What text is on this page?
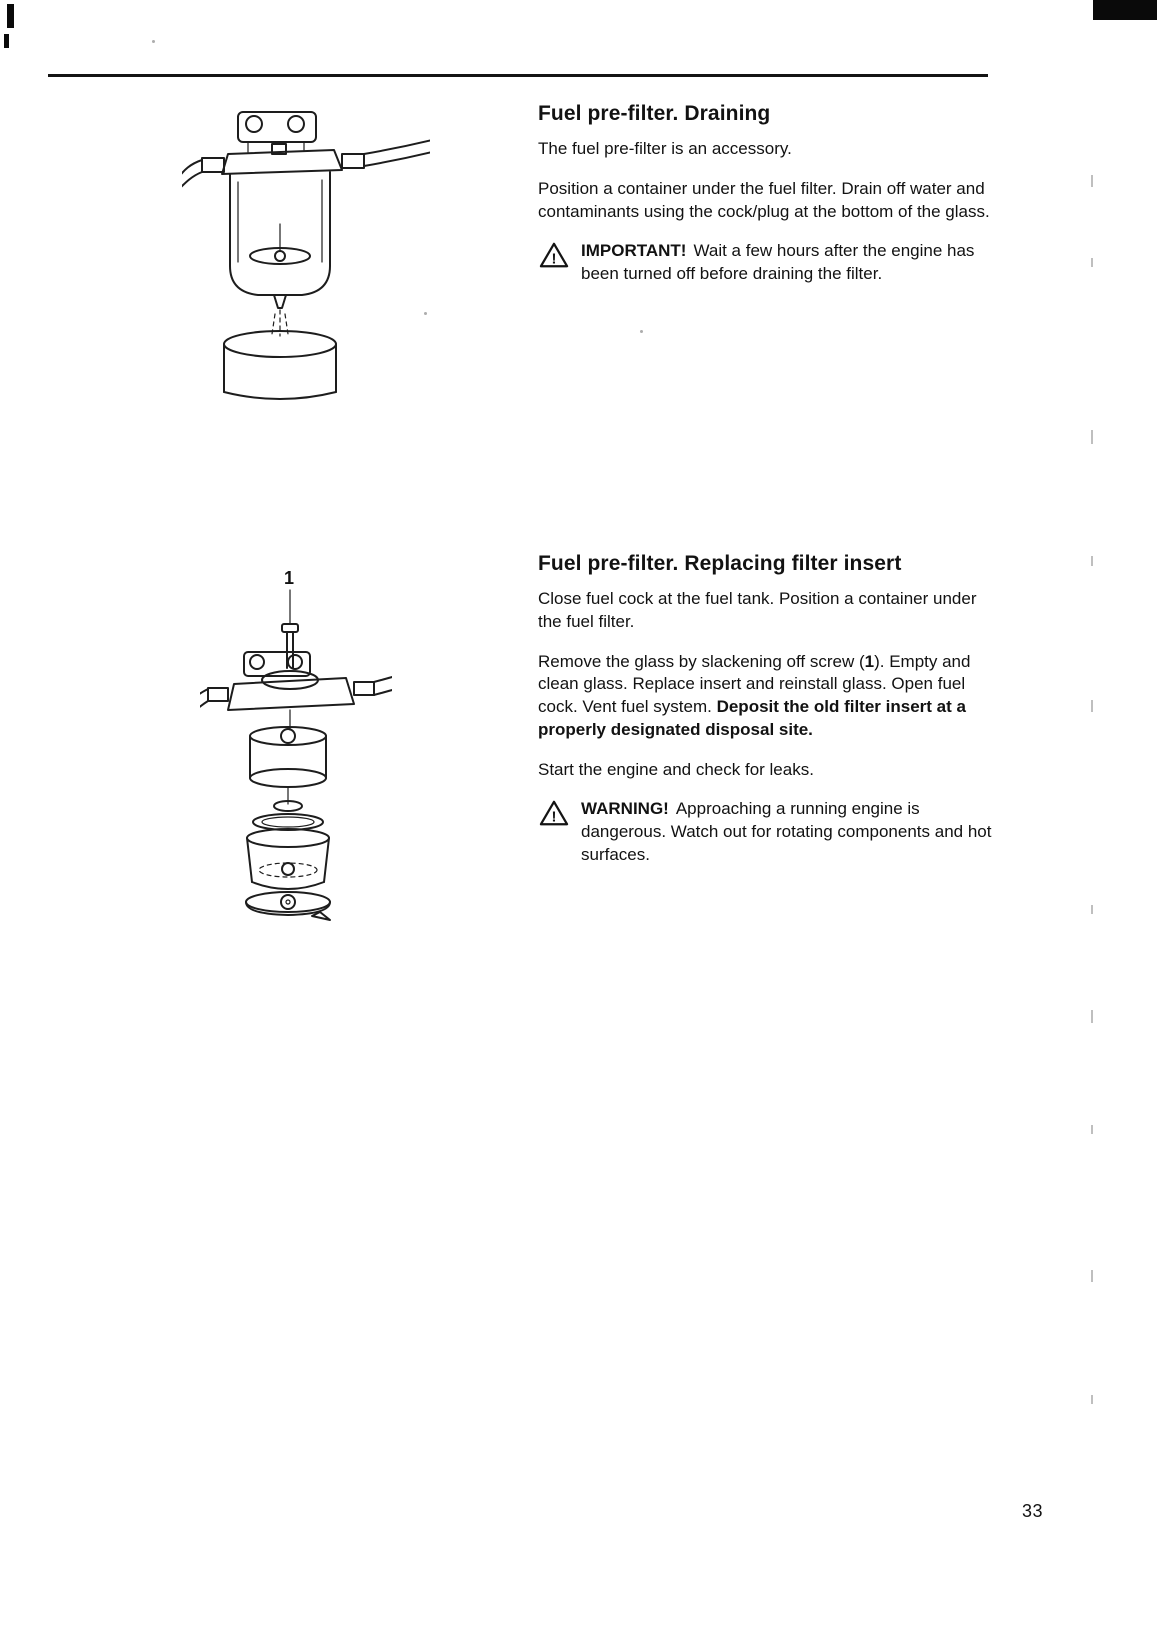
Fuel pre-filter. Draining

The fuel pre-filter is an accessory.

Position a container under the fuel filter. Drain off water and contaminants using the cock/plug at the bottom of the glass.

! IMPORTANT! Wait a few hours after the engine has been turned off before draining the filter.

1
Fuel pre-filter. Replacing filter insert

Close fuel cock at the fuel tank. Position a container under the fuel filter.

Remove the glass by slackening off screw (1). Empty and clean glass. Replace insert and reinstall glass. Open fuel cock. Vent fuel system. Deposit the old filter insert at a properly designated disposal site.

Start the engine and check for leaks.

! WARNING! Approaching a running engine is dangerous. Watch out for rotating components and hot surfaces.

33
